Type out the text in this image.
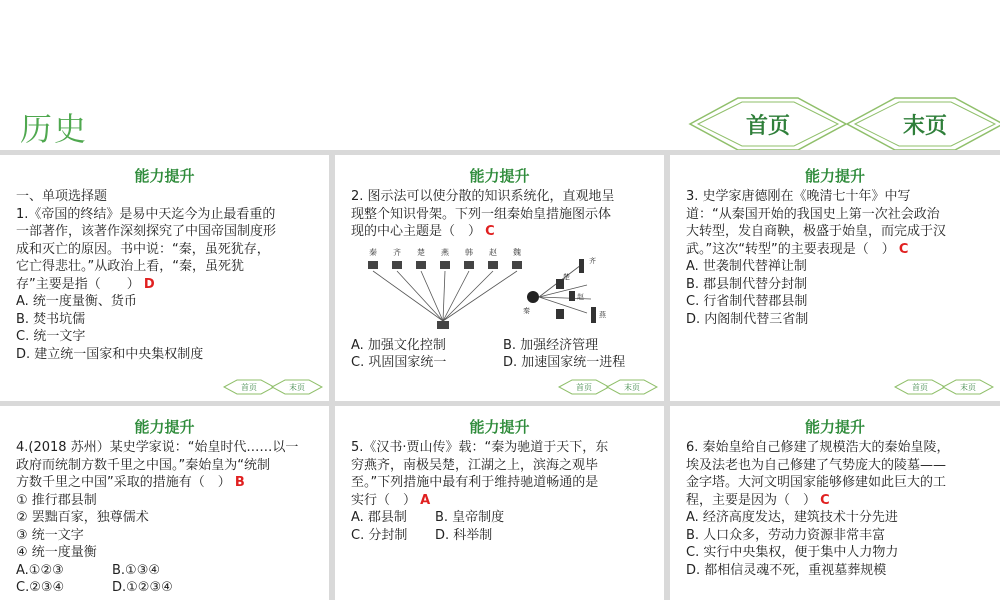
历史	首页	末页
能力提升
一、单项选择题
1.《帝国的终结》是易中天迄今为止最看重的
一部著作，该著作深刻探究了中国帝国制度形
成和灭亡的原因。书中说：“秦，虽死犹存，
它亡得悲壮。”从政治上看，“秦，虽死犹
存”主要是指（　　） D
A. 统一度量衡、货币
B. 焚书坑儒
C. 统一文字
D. 建立统一国家和中央集权制度
首页	末页
能力提升
2. 图示法可以使分散的知识系统化，直观地呈
现整个知识骨架。下列一组秦始皇措施图示体
现的中心主题是（　） C
秦 齐 楚 燕 韩 赵 魏
齐
楚
赵
秦	燕
A. 加强文化控制	B. 加强经济管理
C. 巩固国家统一	D. 加速国家统一进程
首页	末页
能力提升
3. 史学家唐德刚在《晚清七十年》中写
道：“从秦国开始的我国史上第一次社会政治
大转型，发自商鞅，极盛于始皇，而完成于汉
武。”这次“转型”的主要表现是（　） C
A. 世袭制代替禅让制
B. 郡县制代替分封制
C. 行省制代替郡县制
D. 内阁制代替三省制
首页	末页
能力提升
4.(2018 苏州）某史学家说：“始皇时代……以一
政府而统制方数千里之中国。”秦始皇为“统制
方数千里之中国”采取的措施有（　） B
① 推行郡县制
② 罢黜百家，独尊儒术
③ 统一文字
④ 统一度量衡
A.①②③	B.①③④
C.②③④	D.①②③④
能力提升
5.《汉书·贾山传》载：“秦为驰道于天下，东
穷燕齐，南极吴楚，江湖之上，滨海之观毕
至。”下列措施中最有利于维持驰道畅通的是
实行（　） A
A. 郡县制	B. 皇帝制度
C. 分封制	D. 科举制
能力提升
6. 秦始皇给自己修建了规模浩大的秦始皇陵，
埃及法老也为自己修建了气势庞大的陵墓——
金字塔。大河文明国家能够修建如此巨大的工
程，主要是因为（　） C
A. 经济高度发达，建筑技术十分先进
B. 人口众多，劳动力资源非常丰富
C. 实行中央集权，便于集中人力物力
D. 都相信灵魂不死，重视墓葬规模
